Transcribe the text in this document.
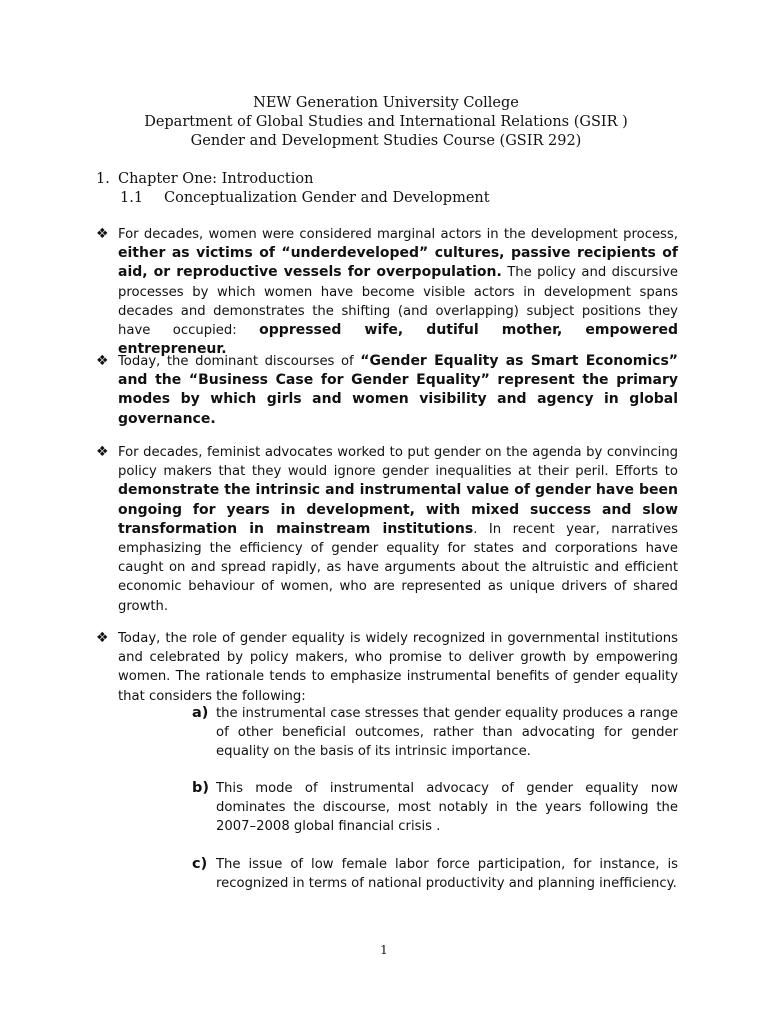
NEW Generation University College
Department of Global Studies and International Relations (GSIR )
Gender and Development Studies Course (GSIR 292)
1. Chapter One: Introduction
1.1 Conceptualization Gender and Development
❖ For decades, women were considered marginal actors in the development process, either as victims of “underdeveloped” cultures, passive recipients of aid, or reproductive vessels for overpopulation. The policy and discursive processes by which women have become visible actors in development spans decades and demonstrates the shifting (and overlapping) subject positions they have occupied: oppressed wife, dutiful mother, empowered entrepreneur.

❖ Today, the dominant discourses of “Gender Equality as Smart Economics” and the “Business Case for Gender Equality” represent the primary modes by which girls and women visibility and agency in global governance.

❖ For decades, feminist advocates worked to put gender on the agenda by convincing policy makers that they would ignore gender inequalities at their peril. Efforts to demonstrate the intrinsic and instrumental value of gender have been ongoing for years in development, with mixed success and slow transformation in mainstream institutions. In recent year, narratives emphasizing the efficiency of gender equality for states and corporations have caught on and spread rapidly, as have arguments about the altruistic and efficient economic behaviour of women, who are represented as unique drivers of shared growth.

❖ Today, the role of gender equality is widely recognized in governmental institutions and celebrated by policy makers, who promise to deliver growth by empowering women. The rationale tends to emphasize instrumental benefits of gender equality that considers the following:

a) the instrumental case stresses that gender equality produces a range of other beneficial outcomes, rather than advocating for gender equality on the basis of its intrinsic importance.

b) This mode of instrumental advocacy of gender equality now dominates the discourse, most notably in the years following the 2007–2008 global financial crisis .

c) The issue of low female labor force participation, for instance, is recognized in terms of national productivity and planning inefficiency.

1
